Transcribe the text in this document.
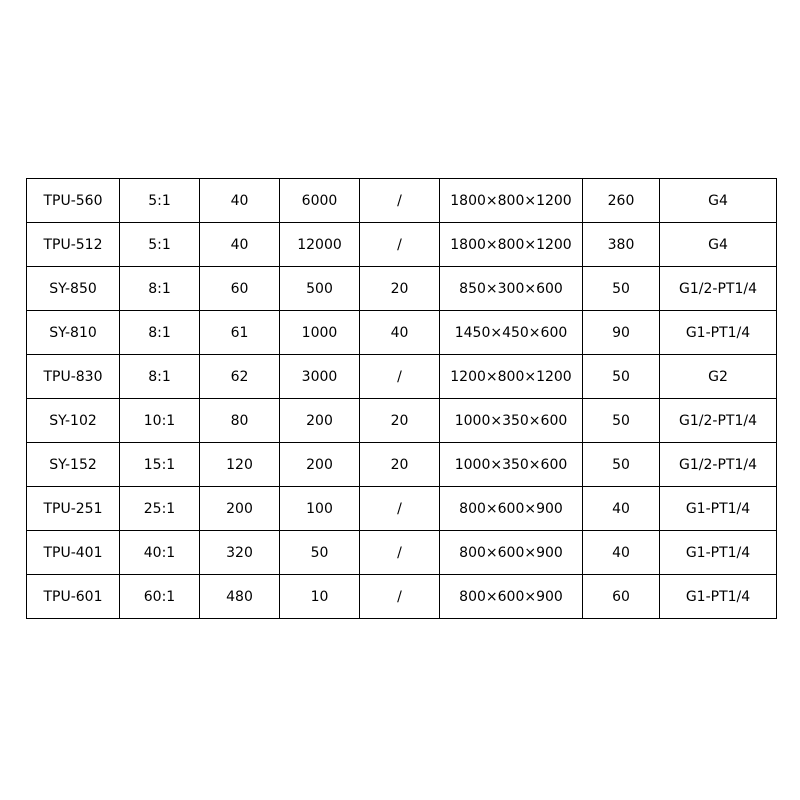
TPU-560	5:1	40	6000	/	1800×800×1200	260	G4
TPU-512	5:1	40	12000	/	1800×800×1200	380	G4
SY-850	8:1	60	500	20	850×300×600	50	G1/2-PT1/4
SY-810	8:1	61	1000	40	1450×450×600	90	G1-PT1/4
TPU-830	8:1	62	3000	/	1200×800×1200	50	G2
SY-102	10:1	80	200	20	1000×350×600	50	G1/2-PT1/4
SY-152	15:1	120	200	20	1000×350×600	50	G1/2-PT1/4
TPU-251	25:1	200	100	/	800×600×900	40	G1-PT1/4
TPU-401	40:1	320	50	/	800×600×900	40	G1-PT1/4
TPU-601	60:1	480	10	/	800×600×900	60	G1-PT1/4
